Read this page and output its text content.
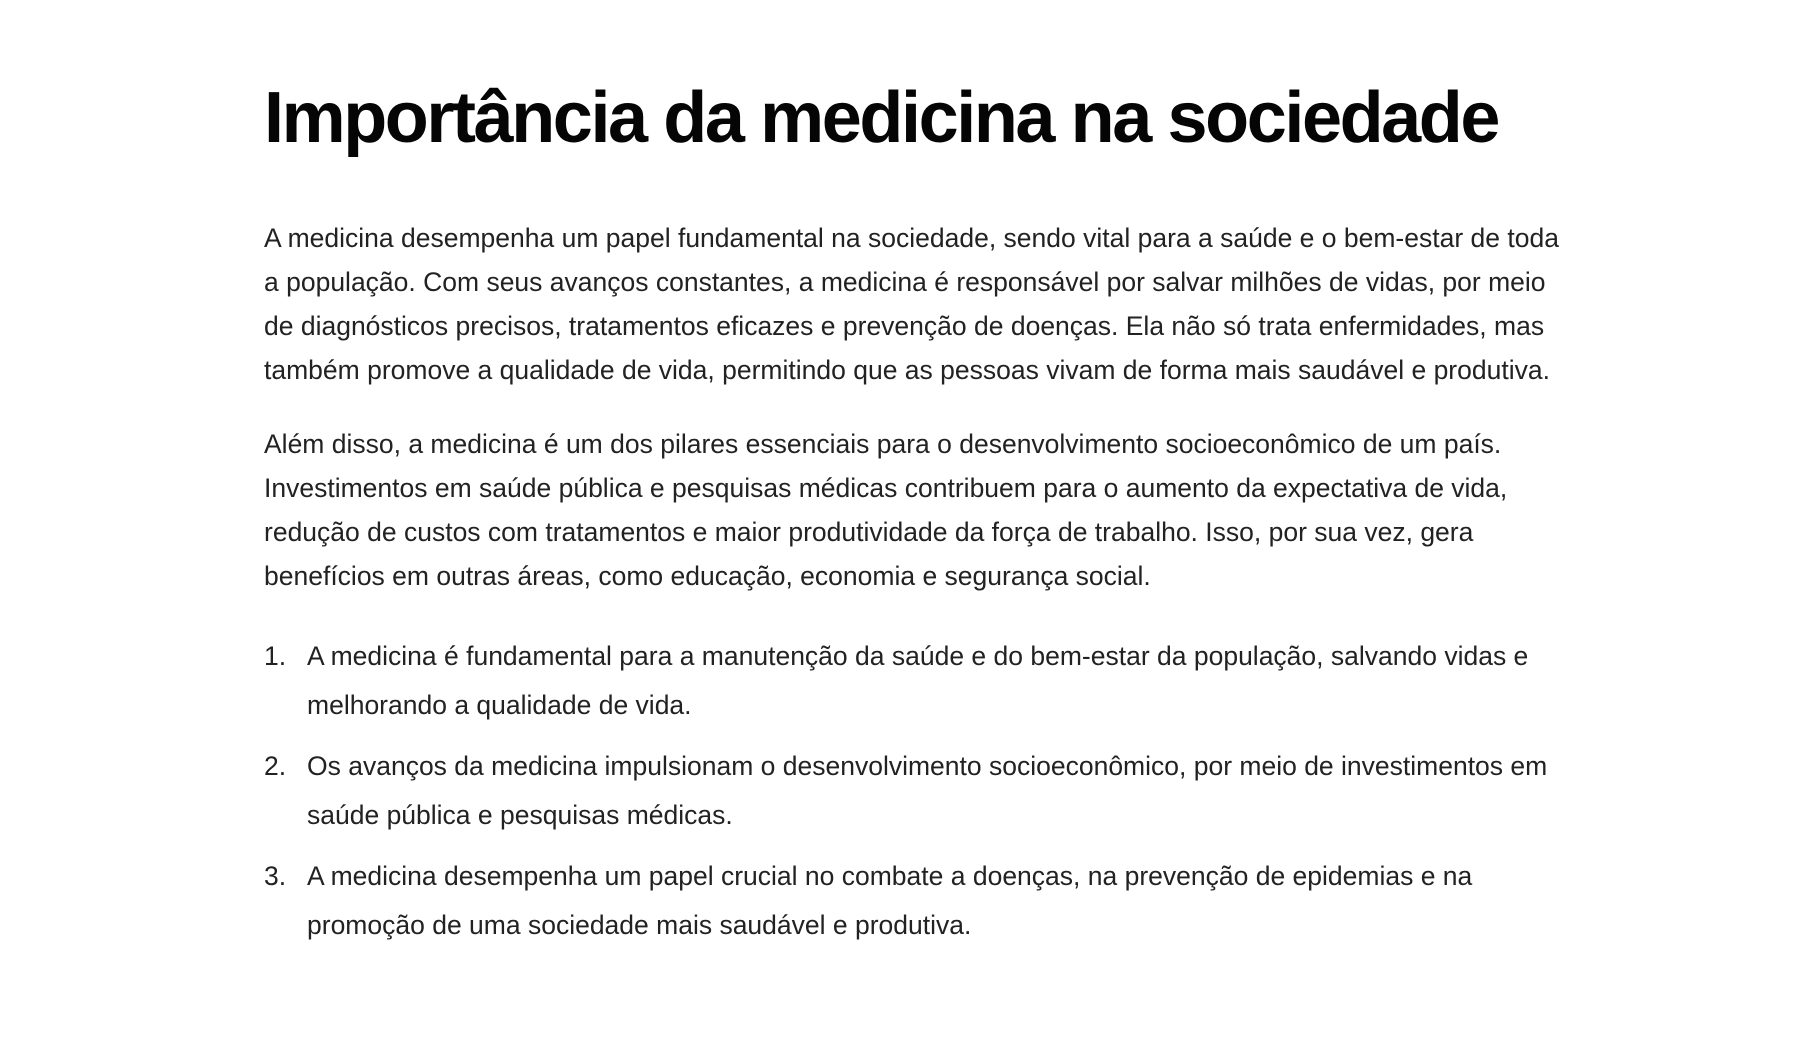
Importância da medicina na sociedade

A medicina desempenha um papel fundamental na sociedade, sendo vital para a saúde e o bem-estar de toda a população. Com seus avanços constantes, a medicina é responsável por salvar milhões de vidas, por meio de diagnósticos precisos, tratamentos eficazes e prevenção de doenças. Ela não só trata enfermidades, mas também promove a qualidade de vida, permitindo que as pessoas vivam de forma mais saudável e produtiva.

Além disso, a medicina é um dos pilares essenciais para o desenvolvimento socioeconômico de um país. Investimentos em saúde pública e pesquisas médicas contribuem para o aumento da expectativa de vida, redução de custos com tratamentos e maior produtividade da força de trabalho. Isso, por sua vez, gera benefícios em outras áreas, como educação, economia e segurança social.

1. A medicina é fundamental para a manutenção da saúde e do bem-estar da população, salvando vidas e melhorando a qualidade de vida.
2. Os avanços da medicina impulsionam o desenvolvimento socioeconômico, por meio de investimentos em saúde pública e pesquisas médicas.
3. A medicina desempenha um papel crucial no combate a doenças, na prevenção de epidemias e na promoção de uma sociedade mais saudável e produtiva.
